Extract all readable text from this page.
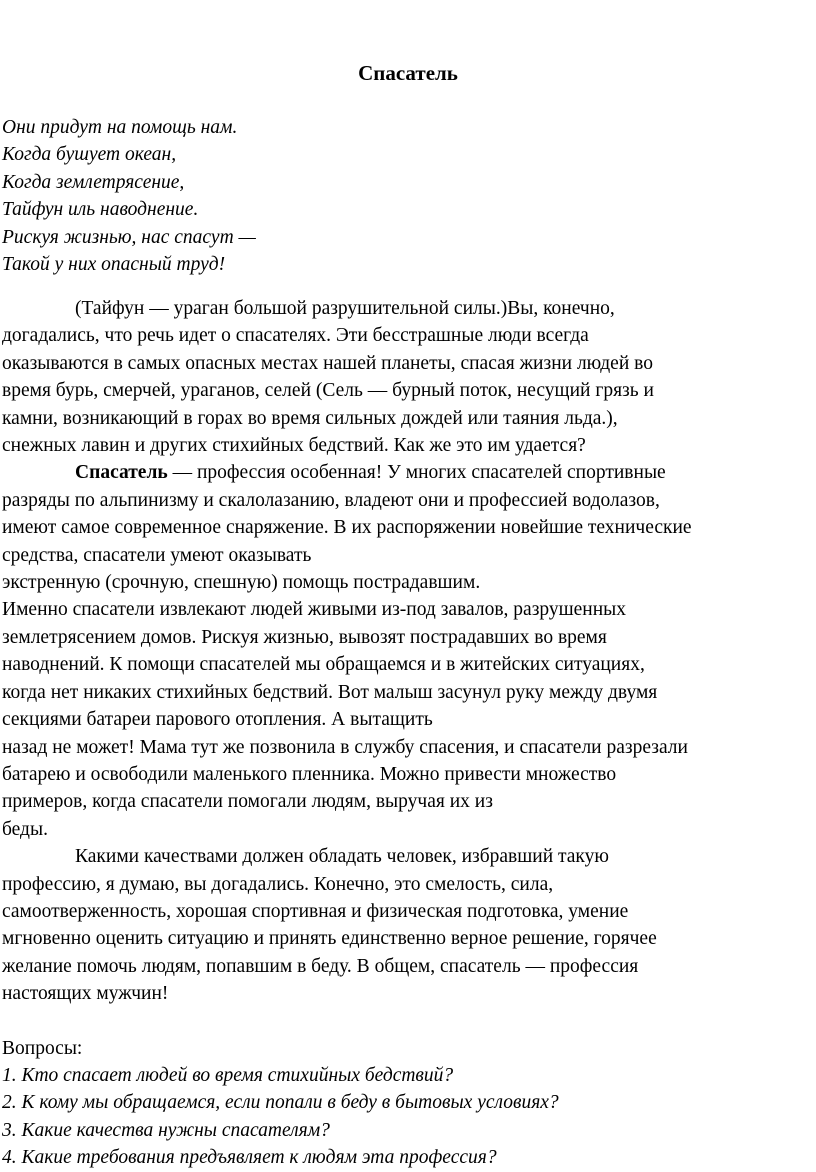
Спасатель
Они придут на помощь нам.
Когда бушует океан,
Когда землетрясение,
Тайфун иль наводнение.
Рискуя жизнью, нас спасут —
Такой у них опасный труд!
(Тайфун — ураган большой разрушительной силы.)Вы, конечно,
догадались, что речь идет о спасателях. Эти бесстрашные люди всегда
оказываются в самых опасных местах нашей планеты, спасая жизни людей во
время бурь, смерчей, ураганов, селей (Сель — бурный поток, несущий грязь и
камни, возникающий в горах во время сильных дождей или таяния льда.),
снежных лавин и других стихийных бедствий. Как же это им удается?
Спасатель — профессия особенная! У многих спасателей спортивные
разряды по альпинизму и скалолазанию, владеют они и профессией водолазов,
имеют самое современное снаряжение. В их распоряжении новейшие технические
средства, спасатели умеют оказывать
экстренную (срочную, спешную) помощь пострадавшим.
Именно спасатели извлекают людей живыми из-под завалов, разрушенных
землетрясением домов. Рискуя жизнью, вывозят пострадавших во время
наводнений. К помощи спасателей мы обращаемся и в житейских ситуациях,
когда нет никаких стихийных бедствий. Вот малыш засунул руку между двумя
секциями батареи парового отопления. А вытащить
назад не может! Мама тут же позвонила в службу спасения, и спасатели разрезали
батарею и освободили маленького пленника. Можно привести множество
примеров, когда спасатели помогали людям, выручая их из
беды.
Какими качествами должен обладать человек, избравший такую
профессию, я думаю, вы догадались. Конечно, это смелость, сила,
самоотверженность, хорошая спортивная и физическая подготовка, умение
мгновенно оценить ситуацию и принять единственно верное решение, горячее
желание помочь людям, попавшим в беду. В общем, спасатель — профессия
настоящих мужчин!
Вопросы:
1. Кто спасает людей во время стихийных бедствий?
2. К кому мы обращаемся, если попали в беду в бытовых условиях?
3. Какие качества нужны спасателям?
4. Какие требования предъявляет к людям эта профессия?
